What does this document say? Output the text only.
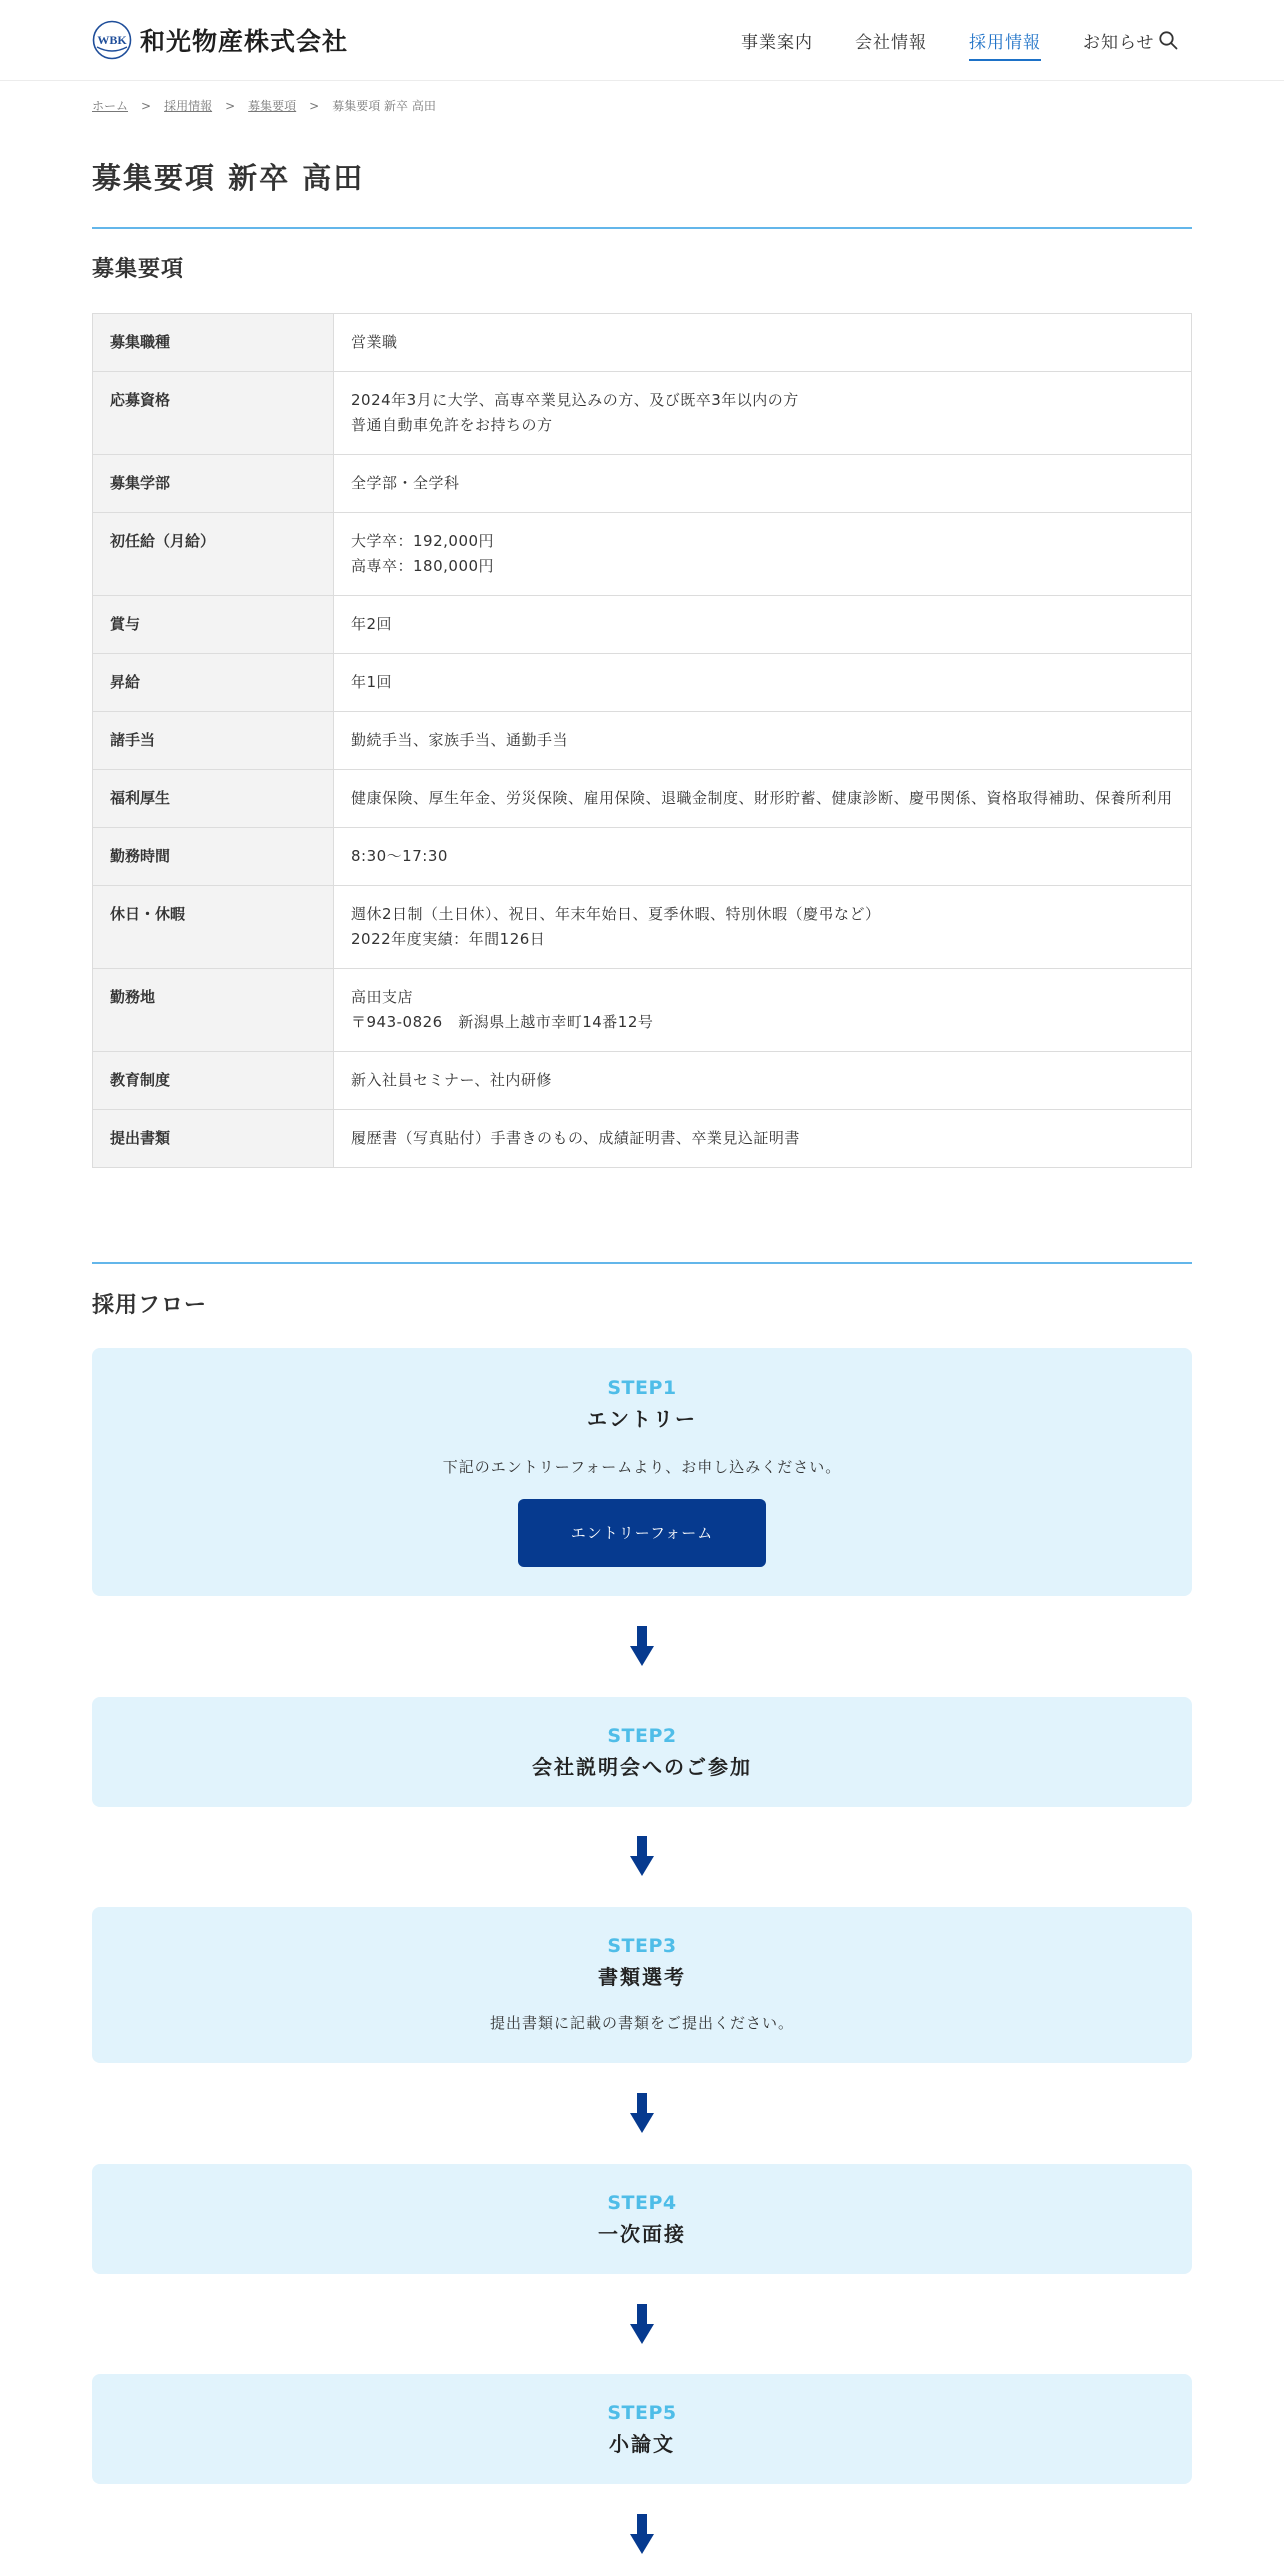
WBK 和光物産株式会社	事業案内 会社情報 採用情報 お知らせ
ホーム > 採用情報 > 募集要項 > 募集要項 新卒 高田
募集要項 新卒 高田
募集要項
募集職種	営業職

応募資格	2024年3月に大学、高専卒業見込みの方、及び既卒3年以内の方
普通自動車免許をお持ちの方

募集学部	全学部・全学科

初任給（月給）	大学卒：192,000円
高専卒：180,000円

賞与	年2回

昇給	年1回

諸手当	勤続手当、家族手当、通勤手当

福利厚生	健康保険、厚生年金、労災保険、雇用保険、退職金制度、財形貯蓄、健康診断、慶弔関係、資格取得補助、保養所利用

勤務時間	8:30〜17:30

休日・休暇	週休2日制（土日休）、祝日、年末年始日、夏季休暇、特別休暇（慶弔など）
2022年度実績：年間126日

勤務地	高田支店
〒943-0826　新潟県上越市幸町14番12号

教育制度	新入社員セミナー、社内研修

提出書類	履歴書（写真貼付）手書きのもの、成績証明書、卒業見込証明書
採用フロー
STEP1
エントリー
下記のエントリーフォームより、お申し込みください。
エントリーフォーム
STEP2
会社説明会へのご参加
STEP3
書類選考
提出書類に記載の書類をご提出ください。
STEP4
一次面接
STEP5
小論文
